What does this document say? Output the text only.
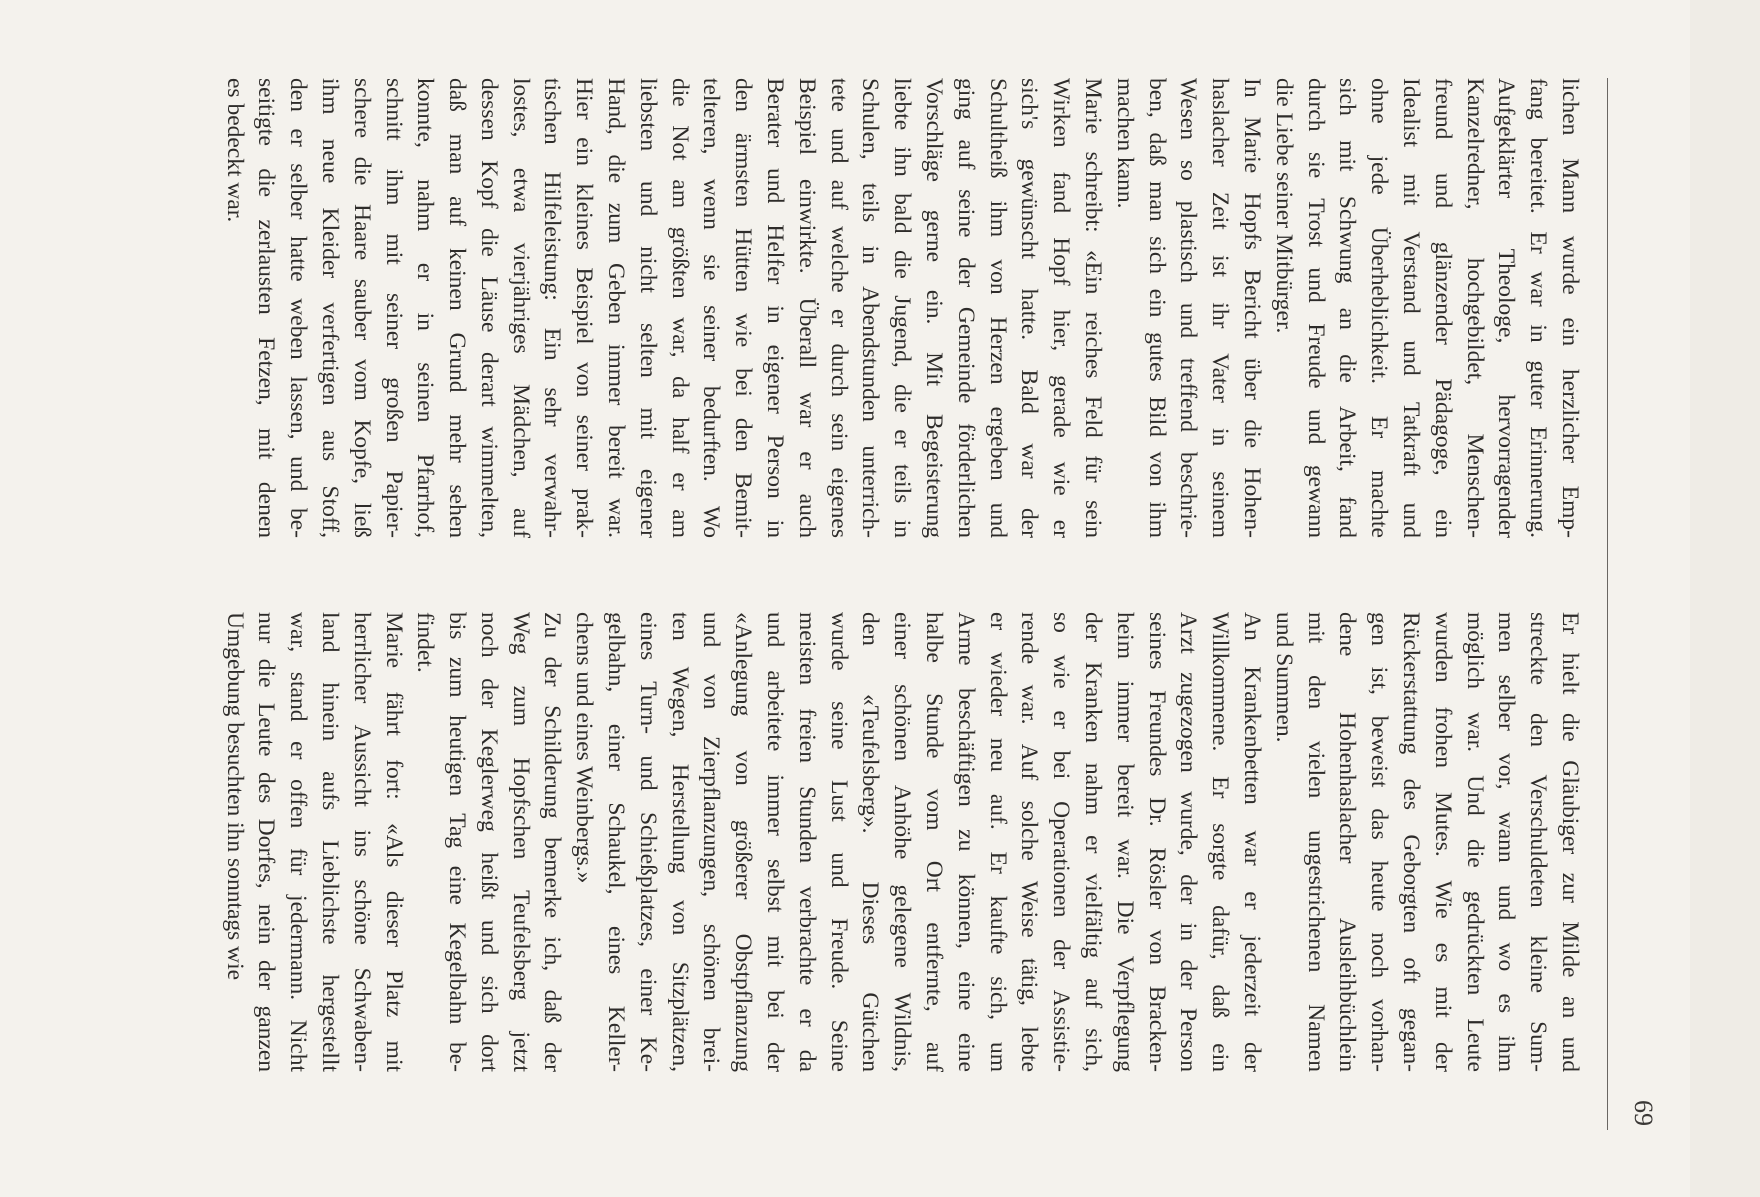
69
lichen Mann wurde ein herzlicher Emp-
fang bereitet. Er war in guter Erinnerung.
Aufgeklärter Theologe, hervorragender
Kanzelredner, hochgebildet, Menschen-
freund und glänzender Pädagoge, ein
Idealist mit Verstand und Tatkraft und
ohne jede Überheblichkeit. Er machte
sich mit Schwung an die Arbeit, fand
durch sie Trost und Freude und gewann
die Liebe seiner Mitbürger.
In Marie Hopfs Bericht über die Hohen-
haslacher Zeit ist ihr Vater in seinem
Wesen so plastisch und treffend beschrie-
ben, daß man sich ein gutes Bild von ihm
machen kann.
Marie schreibt: «Ein reiches Feld für sein
Wirken fand Hopf hier, gerade wie er
sich's gewünscht hatte. Bald war der
Schultheiß ihm von Herzen ergeben und
ging auf seine der Gemeinde förderlichen
Vorschläge gerne ein. Mit Begeisterung
liebte ihn bald die Jugend, die er teils in
Schulen, teils in Abendstunden unterrich-
tete und auf welche er durch sein eigenes
Beispiel einwirkte. Überall war er auch
Berater und Helfer in eigener Person in
den ärmsten Hütten wie bei den Bemit-
telteren, wenn sie seiner bedurften. Wo
die Not am größten war, da half er am
liebsten und nicht selten mit eigener
Hand, die zum Geben immer bereit war.
Hier ein kleines Beispiel von seiner prak-
tischen Hilfeleistung: Ein sehr verwahr-
lostes, etwa vierjähriges Mädchen, auf
dessen Kopf die Läuse derart wimmelten,
daß man auf keinen Grund mehr sehen
konnte, nahm er in seinen Pfarrhof,
schnitt ihm mit seiner großen Papier-
schere die Haare sauber vom Kopfe, ließ
ihm neue Kleider verfertigen aus Stoff,
den er selber hatte weben lassen, und be-
seitigte die zerlausten Fetzen, mit denen
es bedeckt war.
Er hielt die Gläubiger zur Milde an und
streckte den Verschuldeten kleine Sum-
men selber vor, wann und wo es ihm
möglich war. Und die gedrückten Leute
wurden frohen Mutes. Wie es mit der
Rückerstattung des Geborgten oft gegan-
gen ist, beweist das heute noch vorhan-
dene Hohenhaslacher Ausleihbüchlein
mit den vielen ungestrichenen Namen
und Summen.
An Krankenbetten war er jederzeit der
Willkommene. Er sorgte dafür, daß ein
Arzt zugezogen wurde, der in der Person
seines Freundes Dr. Rösler von Bracken-
heim immer bereit war. Die Verpflegung
der Kranken nahm er vielfältig auf sich,
so wie er bei Operationen der Assistie-
rende war. Auf solche Weise tätig, lebte
er wieder neu auf. Er kaufte sich, um
Arme beschäftigen zu können, eine eine
halbe Stunde vom Ort entfernte, auf
einer schönen Anhöhe gelegene Wildnis,
den «Teufelsberg». Dieses Gütchen
wurde seine Lust und Freude. Seine
meisten freien Stunden verbrachte er da
und arbeitete immer selbst mit bei der
«Anlegung von größerer Obstpflanzung
und von Zierpflanzungen, schönen brei-
ten Wegen, Herstellung von Sitzplätzen,
eines Turn- und Schießplatzes, einer Ke-
gelbahn, einer Schaukel, eines Keller-
chens und eines Weinbergs.»
Zu der Schilderung bemerke ich, daß der
Weg zum Hopfschen Teufelsberg jetzt
noch der Keglerweg heißt und sich dort
bis zum heutigen Tag eine Kegelbahn be-
findet.
Marie fährt fort: «Als dieser Platz mit
herrlicher Aussicht ins schöne Schwaben-
land hinein aufs Lieblichste hergestellt
war, stand er offen für jedermann. Nicht
nur die Leute des Dorfes, nein der ganzen
Umgebung besuchten ihn sonntags wie
